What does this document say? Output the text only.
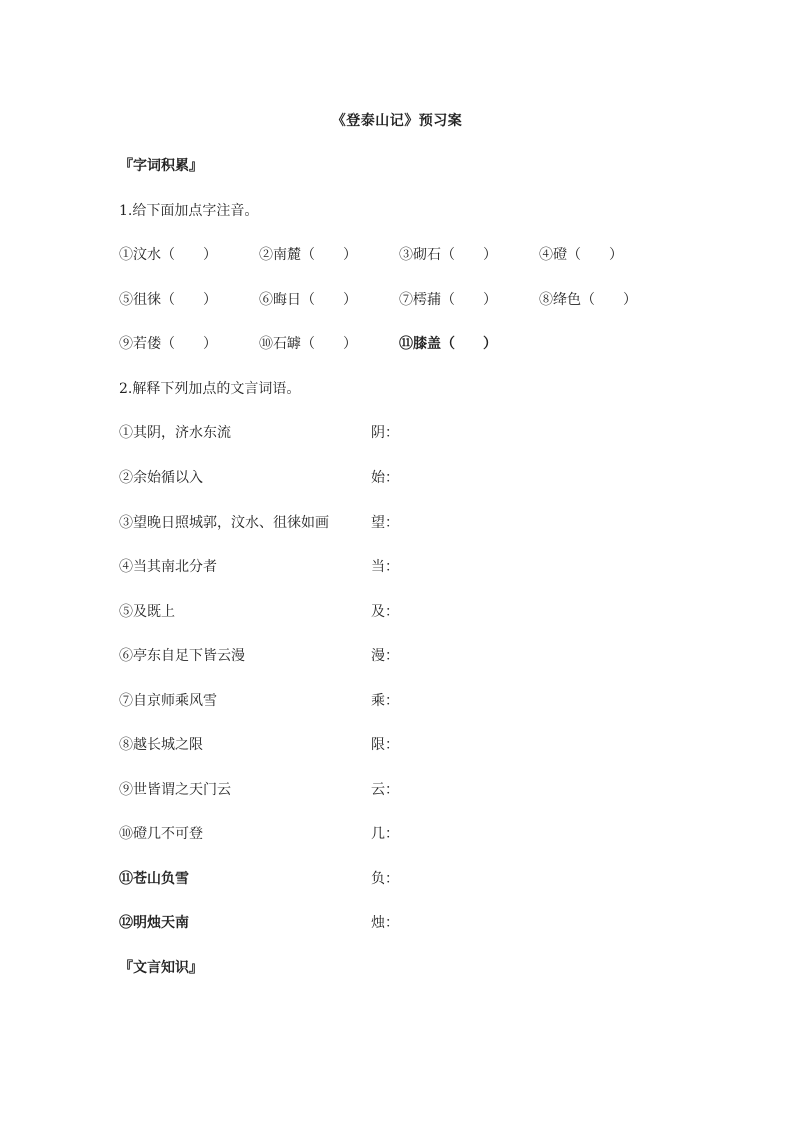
《登泰山记》预习案
『字词积累』
1.给下面加点字注音。
①汶水（　　）	②南麓（　　）	③砌石（　　）	④磴（　　）
⑤徂徕（　　）	⑥晦日（　　）	⑦樗蒱（　　）	⑧绛色（　　）
⑨若偻（　　）	⑩石罅（　　）	⑪膝盖（　　）
2.解释下列加点的文言词语。
①其阴，济水东流	阴：
②余始循以入	始：
③望晚日照城郭，汶水、徂徕如画	望：
④当其南北分者	当：
⑤及既上	及：
⑥亭东自足下皆云漫	漫：
⑦自京师乘风雪	乘：
⑧越长城之限	限：
⑨世皆谓之天门云	云：
⑩磴几不可登	几：
⑪苍山负雪	负：
⑫明烛天南	烛：
『文言知识』
